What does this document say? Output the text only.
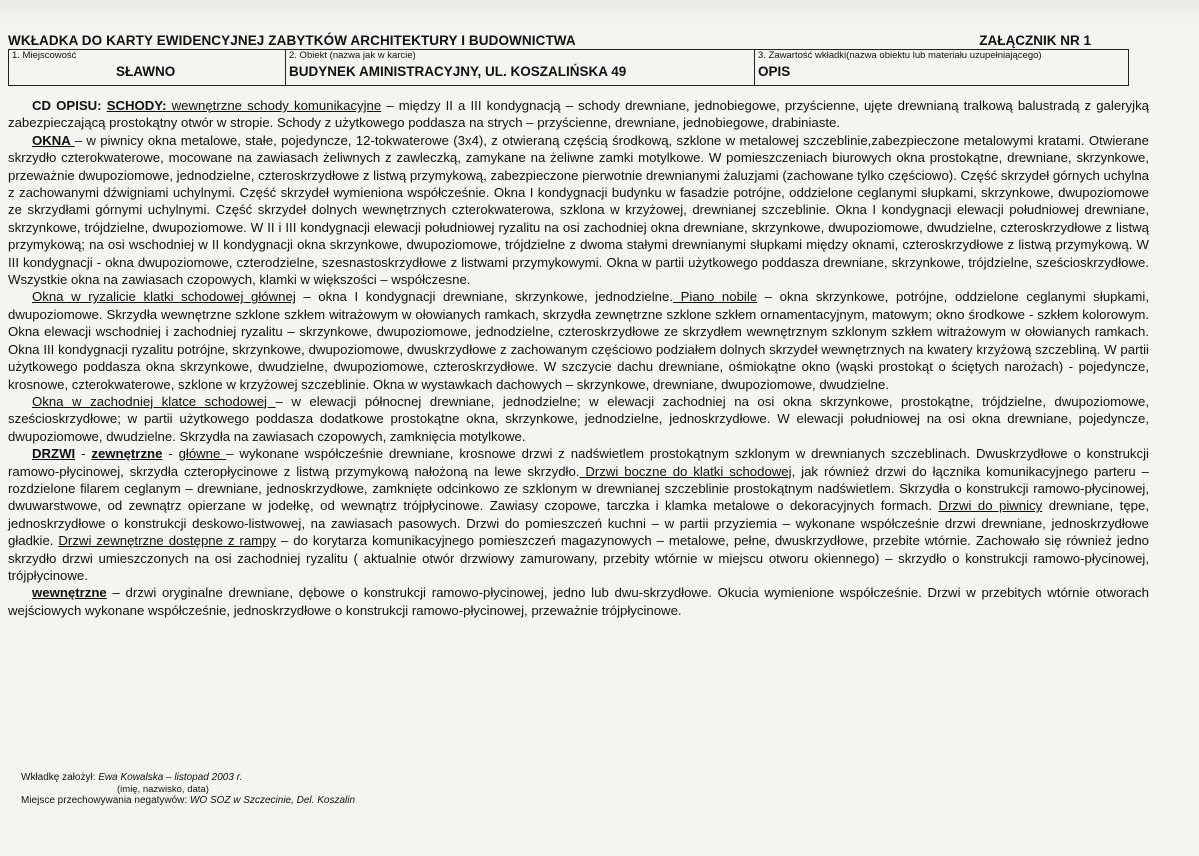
WKŁADKA DO KARTY EWIDENCYJNEJ ZABYTKÓW ARCHITEKTURY I BUDOWNICTWA	ZAŁĄCZNIK NR 1
1. Miejscowość
SŁAWNO

2. Obiekt (nazwa jak w karcie)
BUDYNEK AMINISTRACYJNY, UL. KOSZALIŃSKA 49

3. Zawartość wkładki(nazwa obiektu lub materiału uzupełniającego)
OPIS

CD OPISU: SCHODY: wewnętrzne schody komunikacyjne – między II a III kondygnacją – schody drewniane, jednobiegowe, przyścienne, ujęte drewnianą tralkową balustradą z galeryjką zabezpieczającą prostokątny otwór w stropie. Schody z użytkowego poddasza na strych – przyścienne, drewniane, jednobiegowe, drabiniaste.

OKNA – w piwnicy okna metalowe, stałe, pojedyncze, 12-tokwaterowe (3x4), z otwieraną częścią środkową, szklone w metalowej szczeblinie,zabezpieczone metalowymi kratami. Otwierane skrzydło czterokwaterowe, mocowane na zawiasach żeliwnych z zawleczką, zamykane na żeliwne zamki motylkowe. W pomieszczeniach biurowych okna prostokątne, drewniane, skrzynkowe, przeważnie dwupoziomowe, jednodzielne, czteroskrzydłowe z listwą przymykową, zabezpieczone pierwotnie drewnianymi żaluzjami (zachowane tylko częściowo). Część skrzydeł górnych uchylna z zachowanymi dźwigniami uchylnymi. Część skrzydeł wymieniona współcześnie. Okna I kondygnacji budynku w fasadzie potrójne, oddzielone ceglanymi słupkami, skrzynkowe, dwupoziomowe ze skrzydłami górnymi uchylnymi. Część skrzydeł dolnych wewnętrznych czterokwaterowa, szklona w krzyżowej, drewnianej szczeblinie. Okna I kondygnacji elewacji południowej drewniane, skrzynkowe, trójdzielne, dwupoziomowe. W II i III kondygnacji elewacji południowej ryzalitu na osi zachodniej okna drewniane, skrzynkowe, dwupoziomowe, dwudzielne, czteroskrzydłowe z listwą przymykową; na osi wschodniej w II kondygnacji okna skrzynkowe, dwupoziomowe, trójdzielne z dwoma stałymi drewnianymi słupkami między oknami, czteroskrzydłowe z listwą przymykową. W III kondygnacji - okna dwupoziomowe, czterodzielne, szesnastoskrzydłowe z listwami przymykowymi. Okna w partii użytkowego poddasza drewniane, skrzynkowe, trójdzielne, sześcioskrzydłowe. Wszystkie okna na zawiasach czopowych, klamki w większości – współczesne.

Okna w ryzalicie klatki schodowej głównej – okna I kondygnacji drewniane, skrzynkowe, jednodzielne. Piano nobile – okna skrzynkowe, potrójne, oddzielone ceglanymi słupkami, dwupoziomowe. Skrzydła wewnętrzne szklone szkłem witrażowym w ołowianych ramkach, skrzydła zewnętrzne szklone szkłem ornamentacyjnym, matowym; okno środkowe - szkłem kolorowym. Okna elewacji wschodniej i zachodniej ryzalitu – skrzynkowe, dwupoziomowe, jednodzielne, czteroskrzydłowe ze skrzydłem wewnętrznym szklonym szkłem witrażowym w ołowianych ramkach. Okna III kondygnacji ryzalitu potrójne, skrzynkowe, dwupoziomowe, dwuskrzydłowe z zachowanym częściowo podziałem dolnych skrzydeł wewnętrznych na kwatery krzyżową szczebliną. W partii użytkowego poddasza okna skrzynkowe, dwudzielne, dwupoziomowe, czteroskrzydłowe. W szczycie dachu drewniane, ośmiokątne okno (wąski prostokąt o ściętych narożach) - pojedyncze, krosnowe, czterokwaterowe, szklone w krzyżowej szczeblinie. Okna w wystawkach dachowych – skrzynkowe, drewniane, dwupoziomowe, dwudzielne.

Okna w zachodniej klatce schodowej – w elewacji północnej drewniane, jednodzielne; w elewacji zachodniej na osi okna skrzynkowe, prostokątne, trójdzielne, dwupoziomowe, sześcioskrzydłowe; w partii użytkowego poddasza dodatkowe prostokątne okna, skrzynkowe, jednodzielne, jednoskrzydłowe. W elewacji południowej na osi okna drewniane, pojedyncze, dwupoziomowe, dwudzielne. Skrzydła na zawiasach czopowych, zamknięcia motylkowe.

DRZWI - zewnętrzne - główne – wykonane współcześnie drewniane, krosnowe drzwi z nadświetlem prostokątnym szklonym w drewnianych szczeblinach. Dwuskrzydłowe o konstrukcji ramowo-płycinowej, skrzydła czteropłycinowe z listwą przymykową nałożoną na lewe skrzydło. Drzwi boczne do klatki schodowej, jak również drzwi do łącznika komunikacyjnego parteru – rozdzielone filarem ceglanym – drewniane, jednoskrzydłowe, zamknięte odcinkowo ze szklonym w drewnianej szczeblinie prostokątnym nadświetlem. Skrzydła o konstrukcji ramowo-płycinowej, dwuwarstwowe, od zewnątrz opierzane w jodełkę, od wewnątrz trójpłycinowe. Zawiasy czopowe, tarczka i klamka metalowe o dekoracyjnych formach. Drzwi do piwnicy drewniane, tępe, jednoskrzydłowe o konstrukcji deskowo-listwowej, na zawiasach pasowych. Drzwi do pomieszczeń kuchni – w partii przyziemia – wykonane współcześnie drzwi drewniane, jednoskrzydłowe gładkie. Drzwi zewnętrzne dostępne z rampy – do korytarza komunikacyjnego pomieszczeń magazynowych – metalowe, pełne, dwuskrzydłowe, przebite wtórnie. Zachowało się również jedno skrzydło drzwi umieszczonych na osi zachodniej ryzalitu ( aktualnie otwór drzwiowy zamurowany, przebity wtórnie w miejscu otworu okiennego) – skrzydło o konstrukcji ramowo-płycinowej, trójpłycinowe.

wewnętrzne – drzwi oryginalne drewniane, dębowe o konstrukcji ramowo-płycinowej, jedno lub dwu-skrzydłowe. Okucia wymienione współcześnie. Drzwi w przebitych wtórnie otworach wejściowych wykonane współcześnie, jednoskrzydłowe o konstrukcji ramowo-płycinowej, przeważnie trójpłycinowe.

Wkładkę założył: Ewa Kowalska – listopad 2003 r.
(imię, nazwisko, data)
Miejsce przechowywania negatywów: WO SOZ w Szczecinie, Del. Koszalin
